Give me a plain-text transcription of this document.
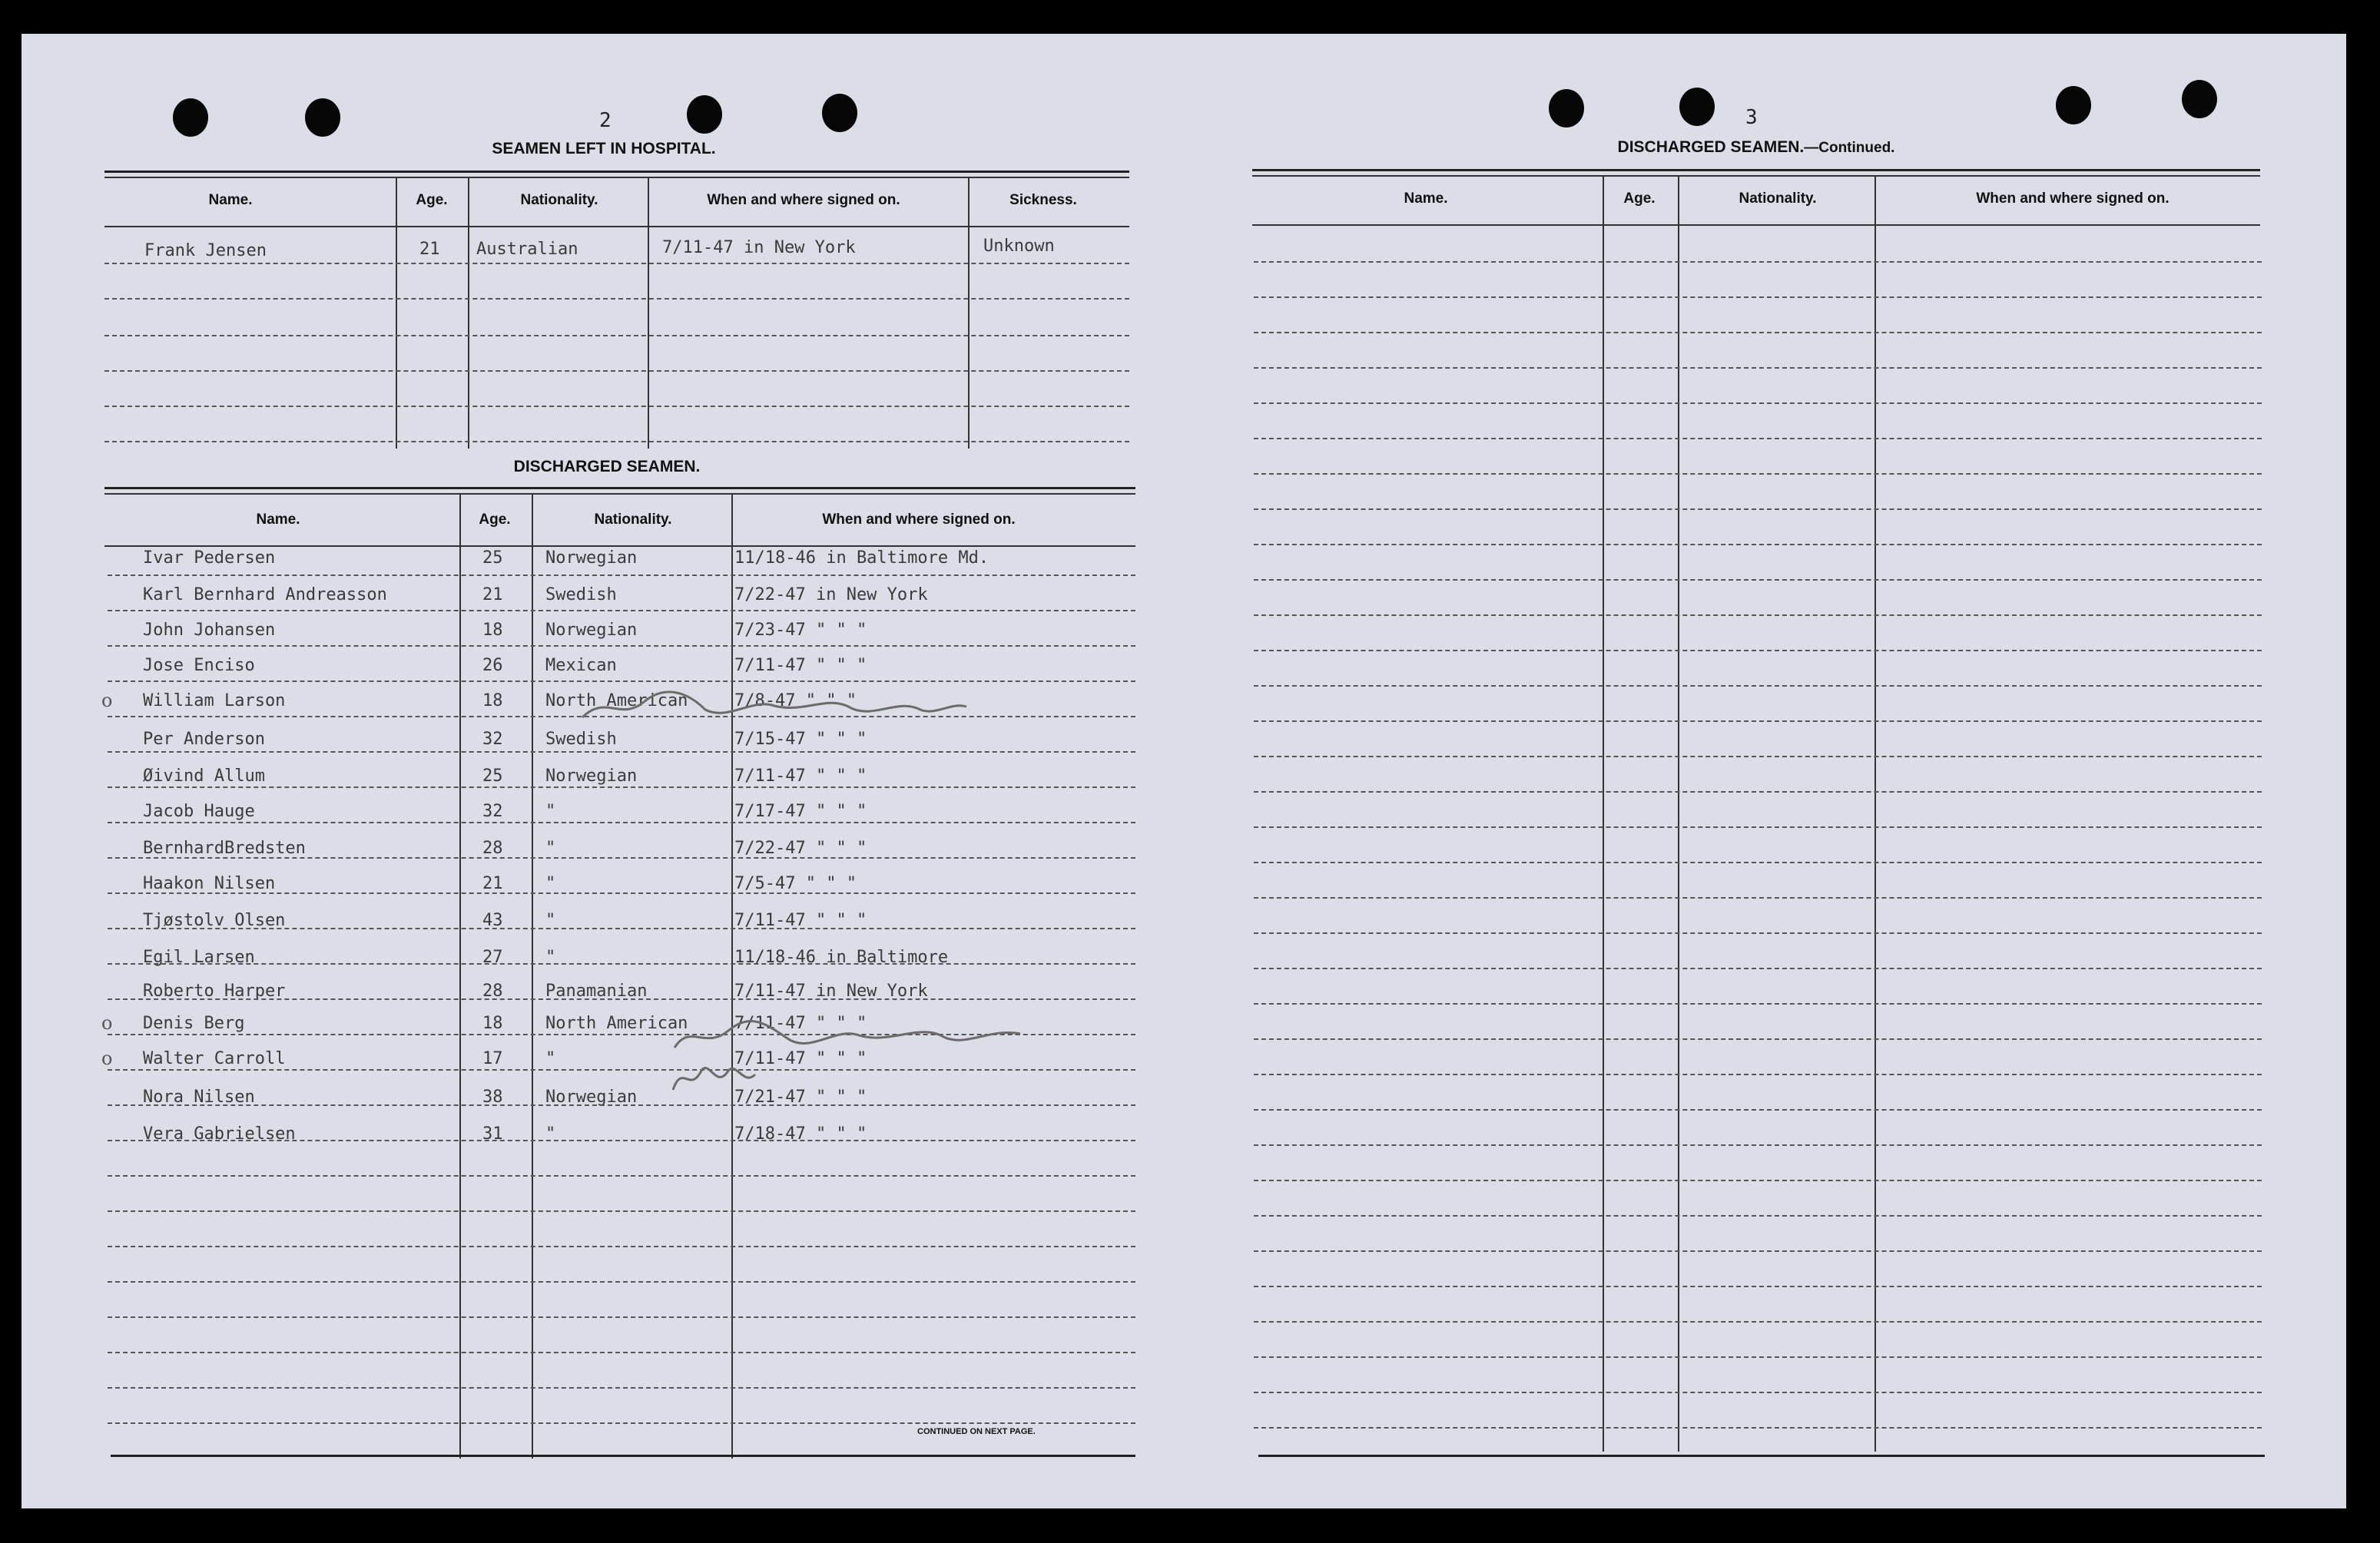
2
SEAMEN LEFT IN HOSPITAL.
Name.	Age.	Nationality.	When and where signed on.	Sickness.
Frank Jensen	21 Australian	7/11-47 in New York	Unknown
DISCHARGED SEAMEN.
Name.	Age.	Nationality.	When and where signed on.
Ivar Pedersen	25	Norwegian	11/18-46 in Baltimore Md.
Karl Bernhard Andreasson	21	Swedish	7/22-47 in New York
John Johansen	18	Norwegian	7/23-47 " " "
Jose Enciso	26	Mexican	7/11-47 " " "
o William Larson	18	North American	7/8-47 " " "
Per Anderson	32	Swedish	7/15-47 " " "
Øivind Allum	25	Norwegian	7/11-47 " " "
Jacob Hauge	32	"	7/17-47 " " "
BernhardBredsten	28	"	7/22-47 " " "
Haakon Nilsen	21	"	7/5-47 " " "
Tjøstolv Olsen	43	"	7/11-47 " " "
Egil Larsen	27	"	11/18-46 in Baltimore
Roberto Harper	28	Panamanian	7/11-47 in New York
o Denis Berg	18	North American	7/11-47 " " "
o Walter Carroll	17	"	7/11-47 " " "
Nora Nilsen	38	Norwegian	7/21-47 " " "
Vera Gabrielsen	31	"	7/18-47 " " "
CONTINUED ON NEXT PAGE.
3
DISCHARGED SEAMEN.—Continued.
Name.	Age.	Nationality.	When and where signed on.
